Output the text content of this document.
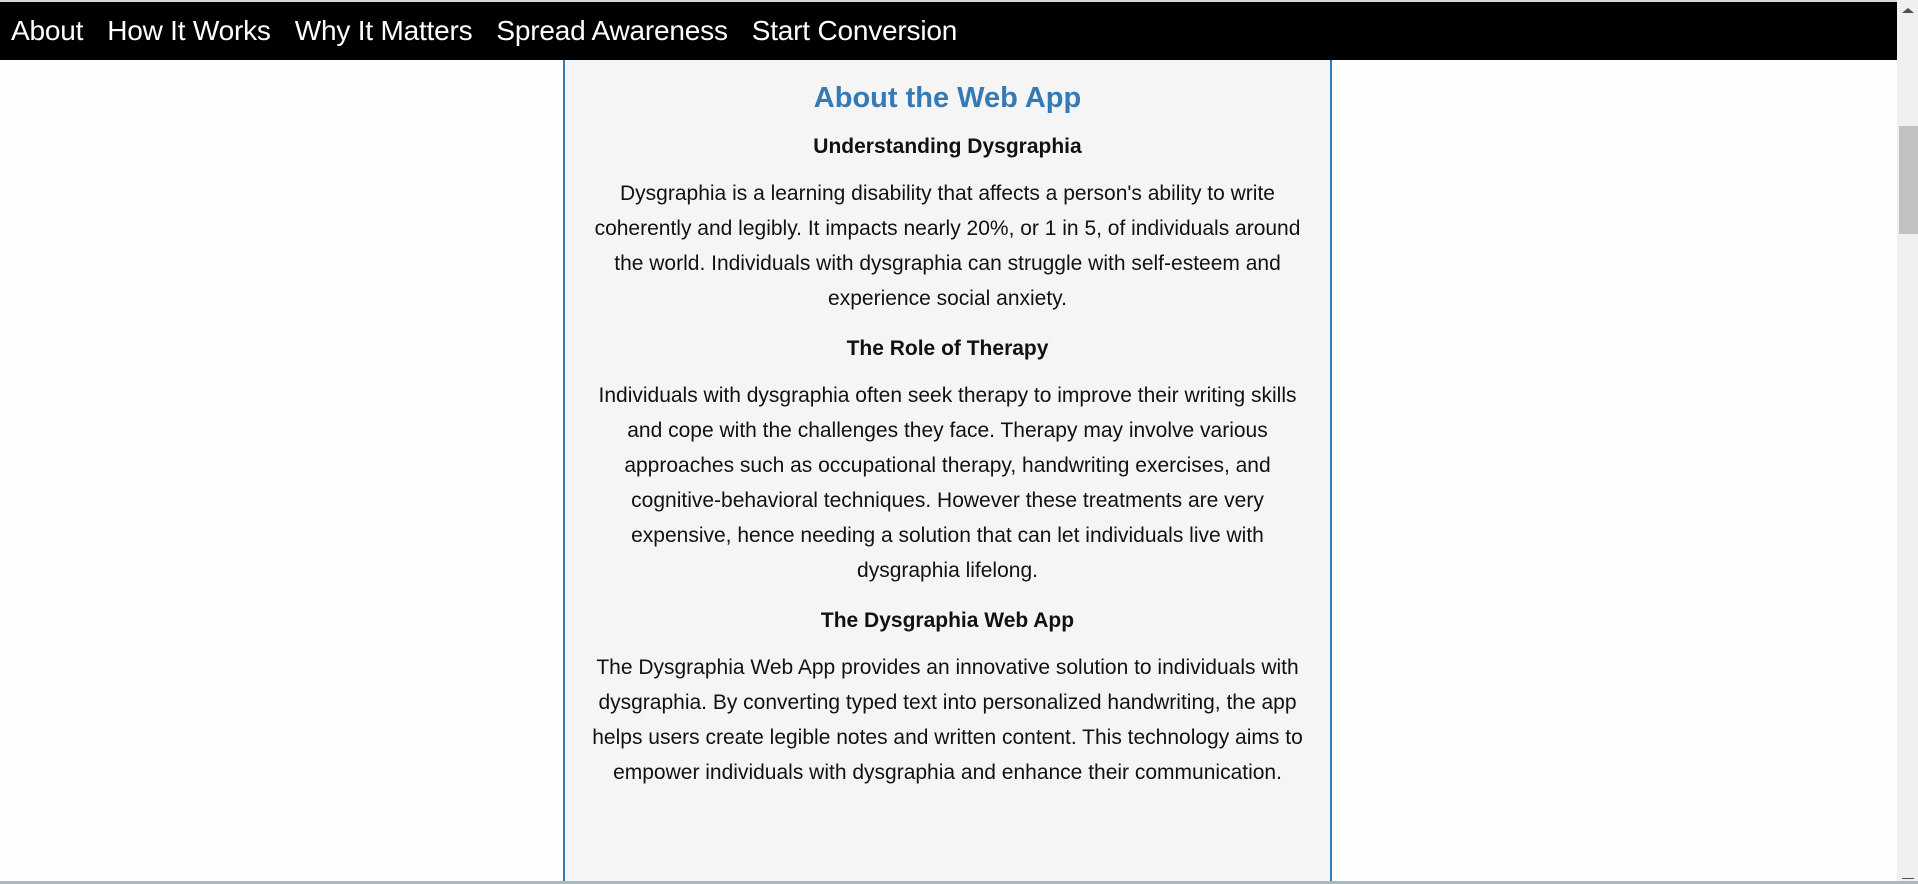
About How It Works Why It Matters Spread Awareness Start Conversion
About the Web App
Understanding Dysgraphia

Dysgraphia is a learning disability that affects a person's ability to write coherently and legibly. It impacts nearly 20%, or 1 in 5, of individuals around the world. Individuals with dysgraphia can struggle with self-esteem and experience social anxiety.

The Role of Therapy

Individuals with dysgraphia often seek therapy to improve their writing skills and cope with the challenges they face. Therapy may involve various approaches such as occupational therapy, handwriting exercises, and cognitive-behavioral techniques. However these treatments are very expensive, hence needing a solution that can let individuals live with dysgraphia lifelong.

The Dysgraphia Web App

The Dysgraphia Web App provides an innovative solution to individuals with dysgraphia. By converting typed text into personalized handwriting, the app helps users create legible notes and written content. This technology aims to empower individuals with dysgraphia and enhance their communication.
